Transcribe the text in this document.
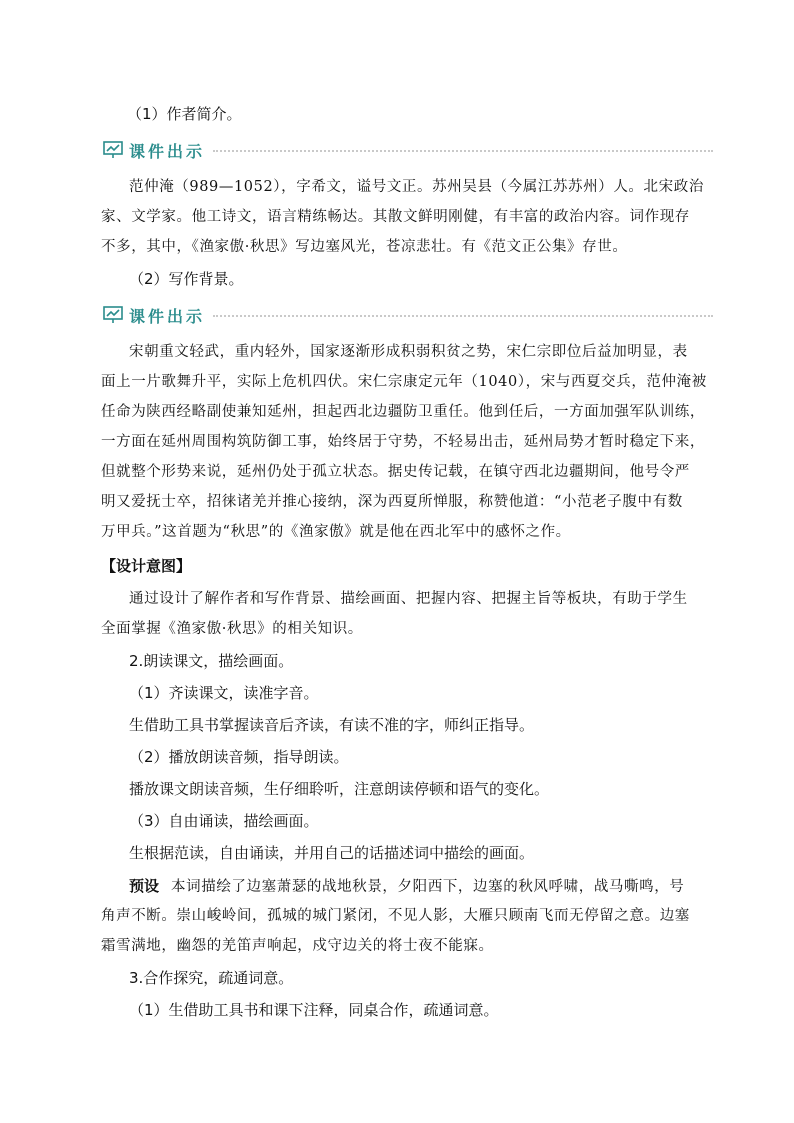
（1）作者简介。
课件出示
范仲淹（989—1052），字希文，谥号文正。苏州吴县（今属江苏苏州）人。北宋政治
家、文学家。他工诗文，语言精练畅达。其散文鲜明刚健，有丰富的政治内容。词作现存
不多，其中，《渔家傲·秋思》写边塞风光，苍凉悲壮。有《范文正公集》存世。
（2）写作背景。
课件出示
宋朝重文轻武，重内轻外，国家逐渐形成积弱积贫之势，宋仁宗即位后益加明显，表
面上一片歌舞升平，实际上危机四伏。宋仁宗康定元年（1040），宋与西夏交兵，范仲淹被
任命为陕西经略副使兼知延州，担起西北边疆防卫重任。他到任后，一方面加强军队训练，
一方面在延州周围构筑防御工事，始终居于守势，不轻易出击，延州局势才暂时稳定下来，
但就整个形势来说，延州仍处于孤立状态。据史传记载，在镇守西北边疆期间，他号令严
明又爱抚士卒，招徕诸羌并推心接纳，深为西夏所惮服，称赞他道：“小范老子腹中有数
万甲兵。”这首题为“秋思”的《渔家傲》就是他在西北军中的感怀之作。
【设计意图】
通过设计了解作者和写作背景、描绘画面、把握内容、把握主旨等板块，有助于学生
全面掌握《渔家傲·秋思》的相关知识。
2.朗读课文，描绘画面。
（1）齐读课文，读准字音。
生借助工具书掌握读音后齐读，有读不准的字，师纠正指导。
（2）播放朗读音频，指导朗读。
播放课文朗读音频，生仔细聆听，注意朗读停顿和语气的变化。
（3）自由诵读，描绘画面。
生根据范读，自由诵读，并用自己的话描述词中描绘的画面。
预设 本词描绘了边塞萧瑟的战地秋景，夕阳西下，边塞的秋风呼啸，战马嘶鸣，号
角声不断。崇山峻岭间，孤城的城门紧闭，不见人影，大雁只顾南飞而无停留之意。边塞
霜雪满地，幽怨的羌笛声响起，戍守边关的将士夜不能寐。
3.合作探究，疏通词意。
（1）生借助工具书和课下注释，同桌合作，疏通词意。
